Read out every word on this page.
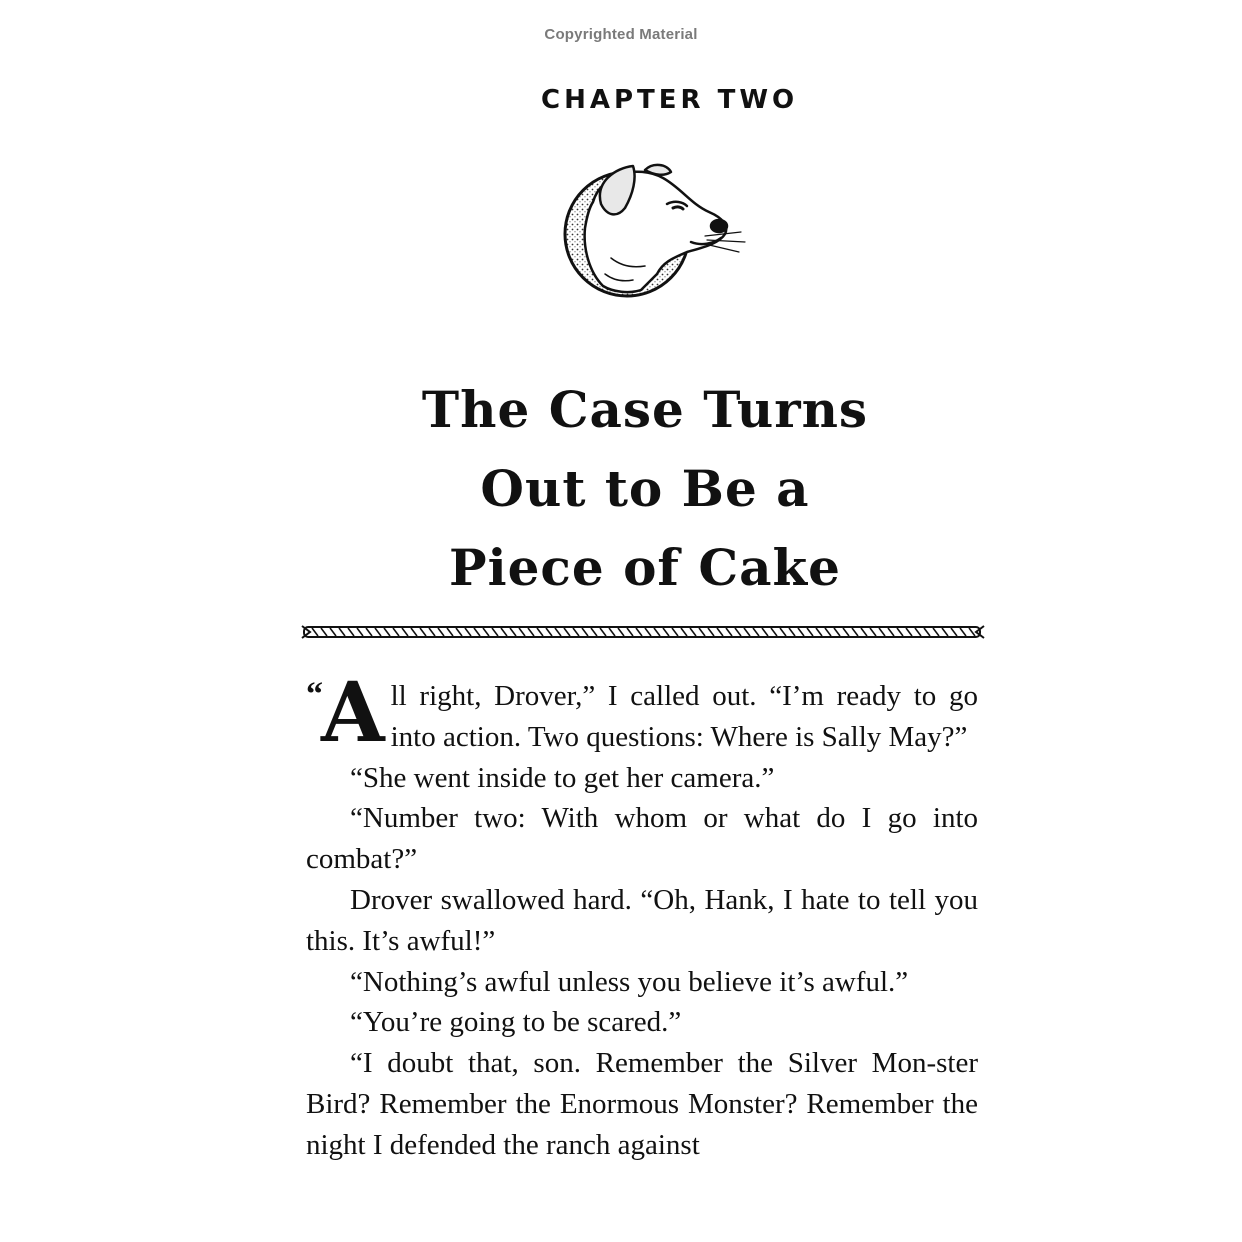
Copyrighted Material
CHAPTER TWO
The Case Turns
Out to Be a
Piece of Cake

“
A ll right, Drover,” I called out. “I’m ready to go into action. Two questions: Where is Sally May?”

“She went inside to get her camera.”

“Number two: With whom or what do I go into combat?”

Drover swallowed hard. “Oh, Hank, I hate to tell you this. It’s awful!”

“Nothing’s awful unless you believe it’s awful.”

“You’re going to be scared.”

“I doubt that, son. Remember the Silver Mon-ster Bird? Remember the Enormous Monster? Remember the night I defended the ranch against
